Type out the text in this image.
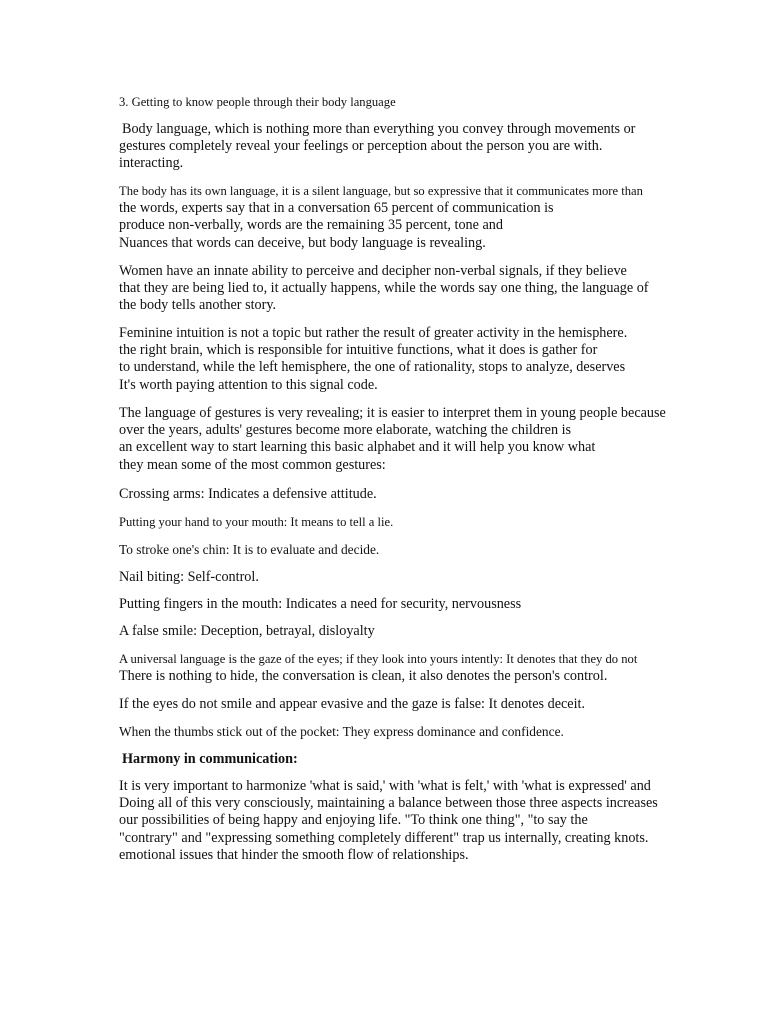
3. Getting to know people through their body language
Body language, which is nothing more than everything you convey through movements or
gestures completely reveal your feelings or perception about the person you are with.
interacting.
The body has its own language, it is a silent language, but so expressive that it communicates more than
the words, experts say that in a conversation 65 percent of communication is
produce non-verbally, words are the remaining 35 percent, tone and
Nuances that words can deceive, but body language is revealing.
Women have an innate ability to perceive and decipher non-verbal signals, if they believe
that they are being lied to, it actually happens, while the words say one thing, the language of
the body tells another story.
Feminine intuition is not a topic but rather the result of greater activity in the hemisphere.
the right brain, which is responsible for intuitive functions, what it does is gather for
to understand, while the left hemisphere, the one of rationality, stops to analyze, deserves
It's worth paying attention to this signal code.
The language of gestures is very revealing; it is easier to interpret them in young people because
over the years, adults' gestures become more elaborate, watching the children is
an excellent way to start learning this basic alphabet and it will help you know what
they mean some of the most common gestures:
Crossing arms: Indicates a defensive attitude.
Putting your hand to your mouth: It means to tell a lie.
To stroke one's chin: It is to evaluate and decide.
Nail biting: Self-control.
Putting fingers in the mouth: Indicates a need for security, nervousness
A false smile: Deception, betrayal, disloyalty
A universal language is the gaze of the eyes; if they look into yours intently: It denotes that they do not
There is nothing to hide, the conversation is clean, it also denotes the person's control.
If the eyes do not smile and appear evasive and the gaze is false: It denotes deceit.
When the thumbs stick out of the pocket: They express dominance and confidence.
Harmony in communication:
It is very important to harmonize 'what is said,' with 'what is felt,' with 'what is expressed' and
Doing all of this very consciously, maintaining a balance between those three aspects increases
our possibilities of being happy and enjoying life. "To think one thing", "to say the
"contrary" and "expressing something completely different" trap us internally, creating knots.
emotional issues that hinder the smooth flow of relationships.
